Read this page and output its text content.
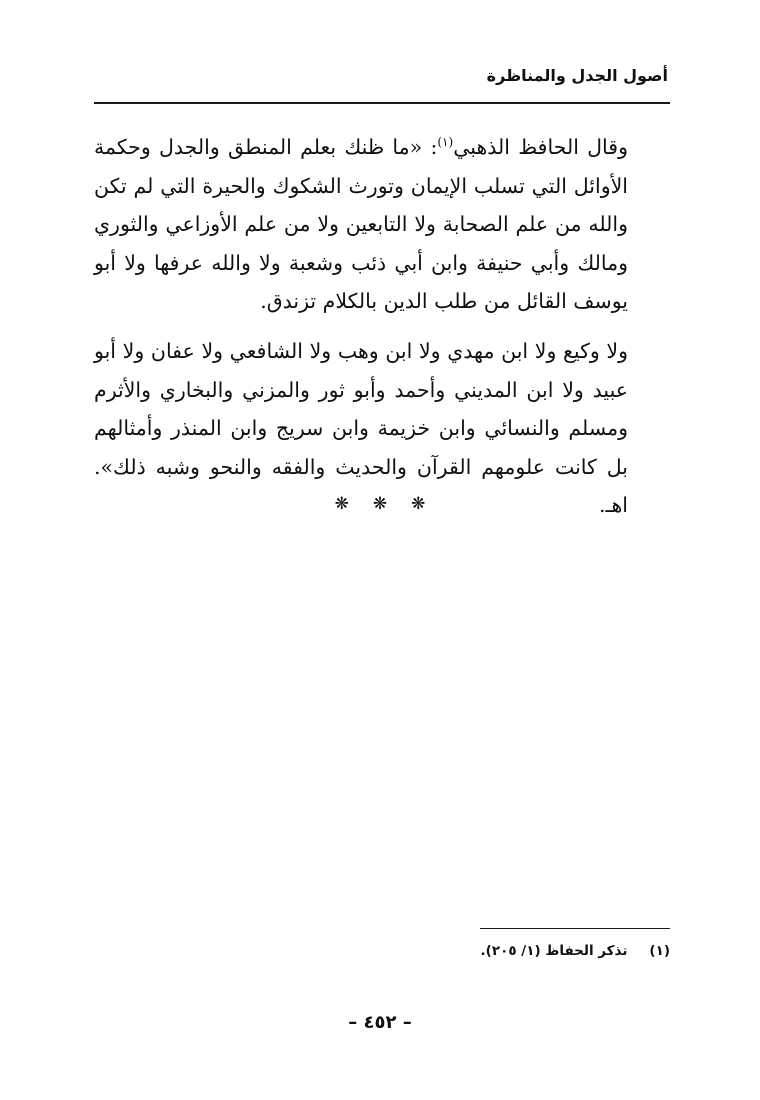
أصول الجدل والمناظرة
وقال الحافظ الذهبي$^{(١)}$: «ما ظنك بعلم المنطق والجدل وحكمة الأوائل التي تسلب الإيمان وتورث الشكوك والحيرة التي لم تكن والله من علم الصحابة ولا التابعين ولا من علم الأوزاعي والثوري ومالك وأبي حنيفة وابن أبي ذئب وشعبة ولا والله عرفها ولا أبو يوسف القائل من طلب الدين بالكلام تزندق.
ولا وكيع ولا ابن مهدي ولا ابن وهب ولا الشافعي ولا عفان ولا أبو عبيد ولا ابن المديني وأحمد وأبو ثور والمزني والبخاري والأثرم ومسلم والنسائي وابن خزيمة وابن سريج وابن المنذر وأمثالهم بل كانت علومهم القرآن والحديث والفقه والنحو وشبه ذلك». اهـ.
❋ ❋ ❋
(١)تذكر الحفاظ (١/ ٢٠٥).
– ٤٥٢ –
